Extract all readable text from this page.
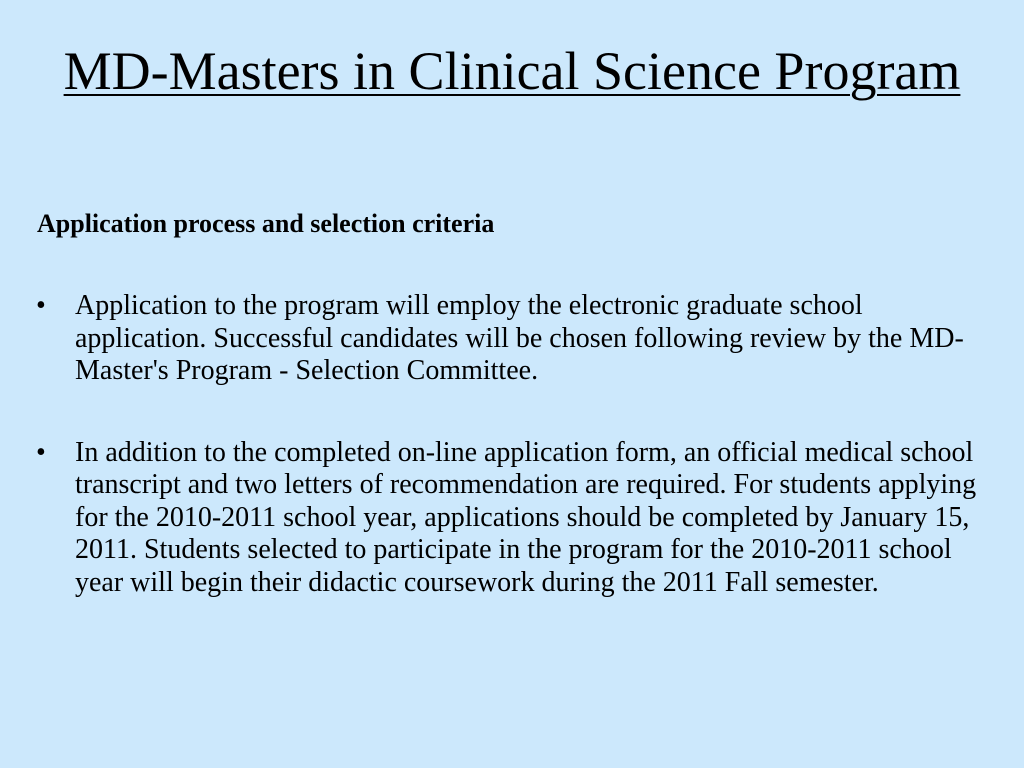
MD-Masters in Clinical Science Program

Application process and selection criteria

•	Application to the program will employ the electronic graduate school application. Successful candidates will be chosen following review by the MD-Master's Program - Selection Committee.
•	In addition to the completed on-line application form, an official medical school transcript and two letters of recommendation are required. For students applying for the 2010-2011 school year, applications should be completed by January 15, 2011. Students selected to participate in the program for the 2010-2011 school year will begin their didactic coursework during the 2011 Fall semester.
